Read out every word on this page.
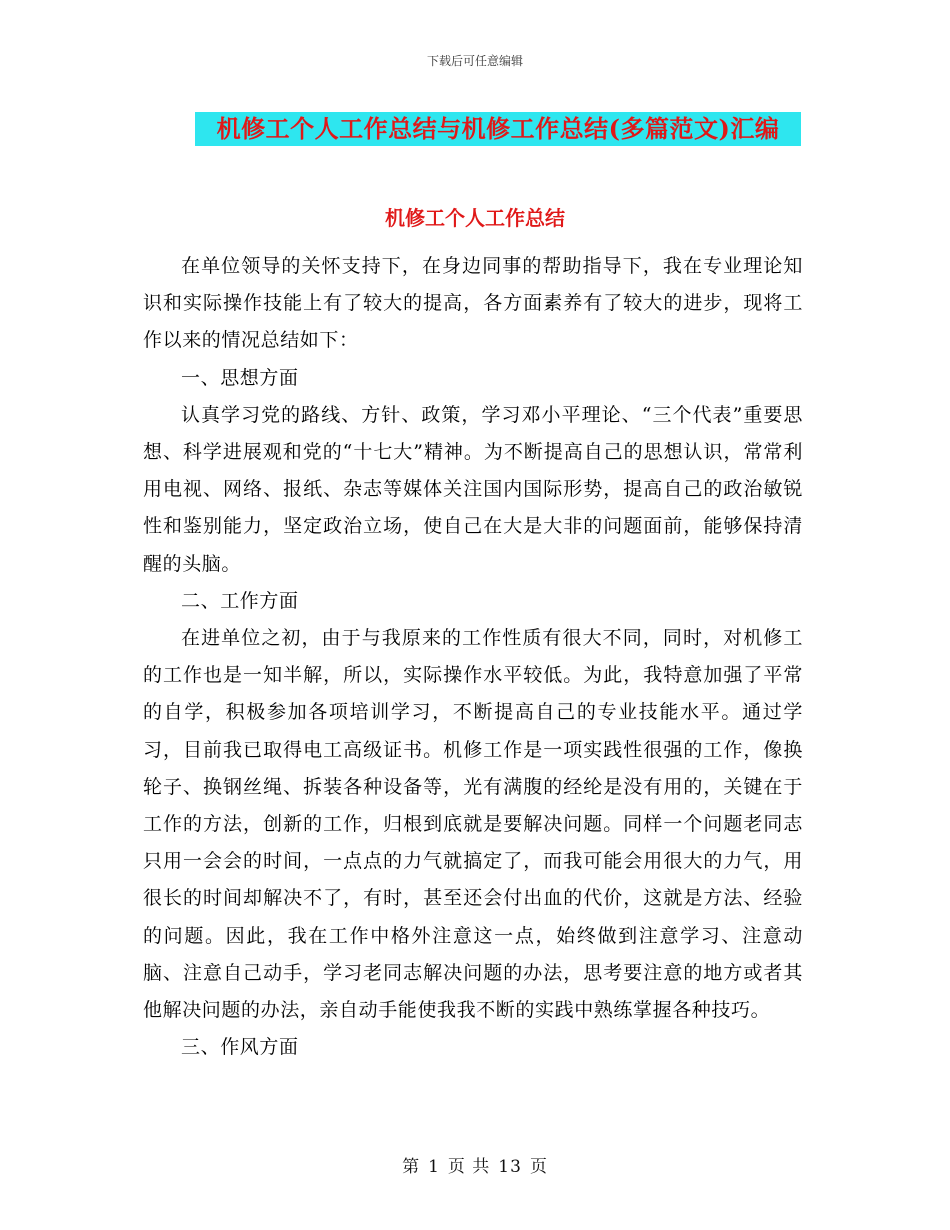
下载后可任意编辑
机修工个人工作总结与机修工作总结(多篇范文)汇编
机修工个人工作总结

在单位领导的关怀支持下，在身边同事的帮助指导下，我在专业理论知识和实际操作技能上有了较大的提高，各方面素养有了较大的进步，现将工作以来的情况总结如下：

一、思想方面

认真学习党的路线、方针、政策，学习邓小平理论、“三个代表”重要思想、科学进展观和党的“十七大”精神。为不断提高自己的思想认识，常常利用电视、网络、报纸、杂志等媒体关注国内国际形势，提高自己的政治敏锐性和鉴别能力，坚定政治立场，使自己在大是大非的问题面前，能够保持清醒的头脑。

二、工作方面

在进单位之初，由于与我原来的工作性质有很大不同，同时，对机修工的工作也是一知半解，所以，实际操作水平较低。为此，我特意加强了平常的自学，积极参加各项培训学习，不断提高自己的专业技能水平。通过学习，目前我已取得电工高级证书。机修工作是一项实践性很强的工作，像换轮子、换钢丝绳、拆装各种设备等，光有满腹的经纶是没有用的，关键在于工作的方法，创新的工作，归根到底就是要解决问题。同样一个问题老同志只用一会会的时间，一点点的力气就搞定了，而我可能会用很大的力气，用很长的时间却解决不了，有时，甚至还会付出血的代价，这就是方法、经验的问题。因此，我在工作中格外注意这一点，始终做到注意学习、注意动脑、注意自己动手，学习老同志解决问题的办法，思考要注意的地方或者其他解决问题的办法，亲自动手能使我我不断的实践中熟练掌握各种技巧。

三、作风方面

第 1 页 共 13 页
